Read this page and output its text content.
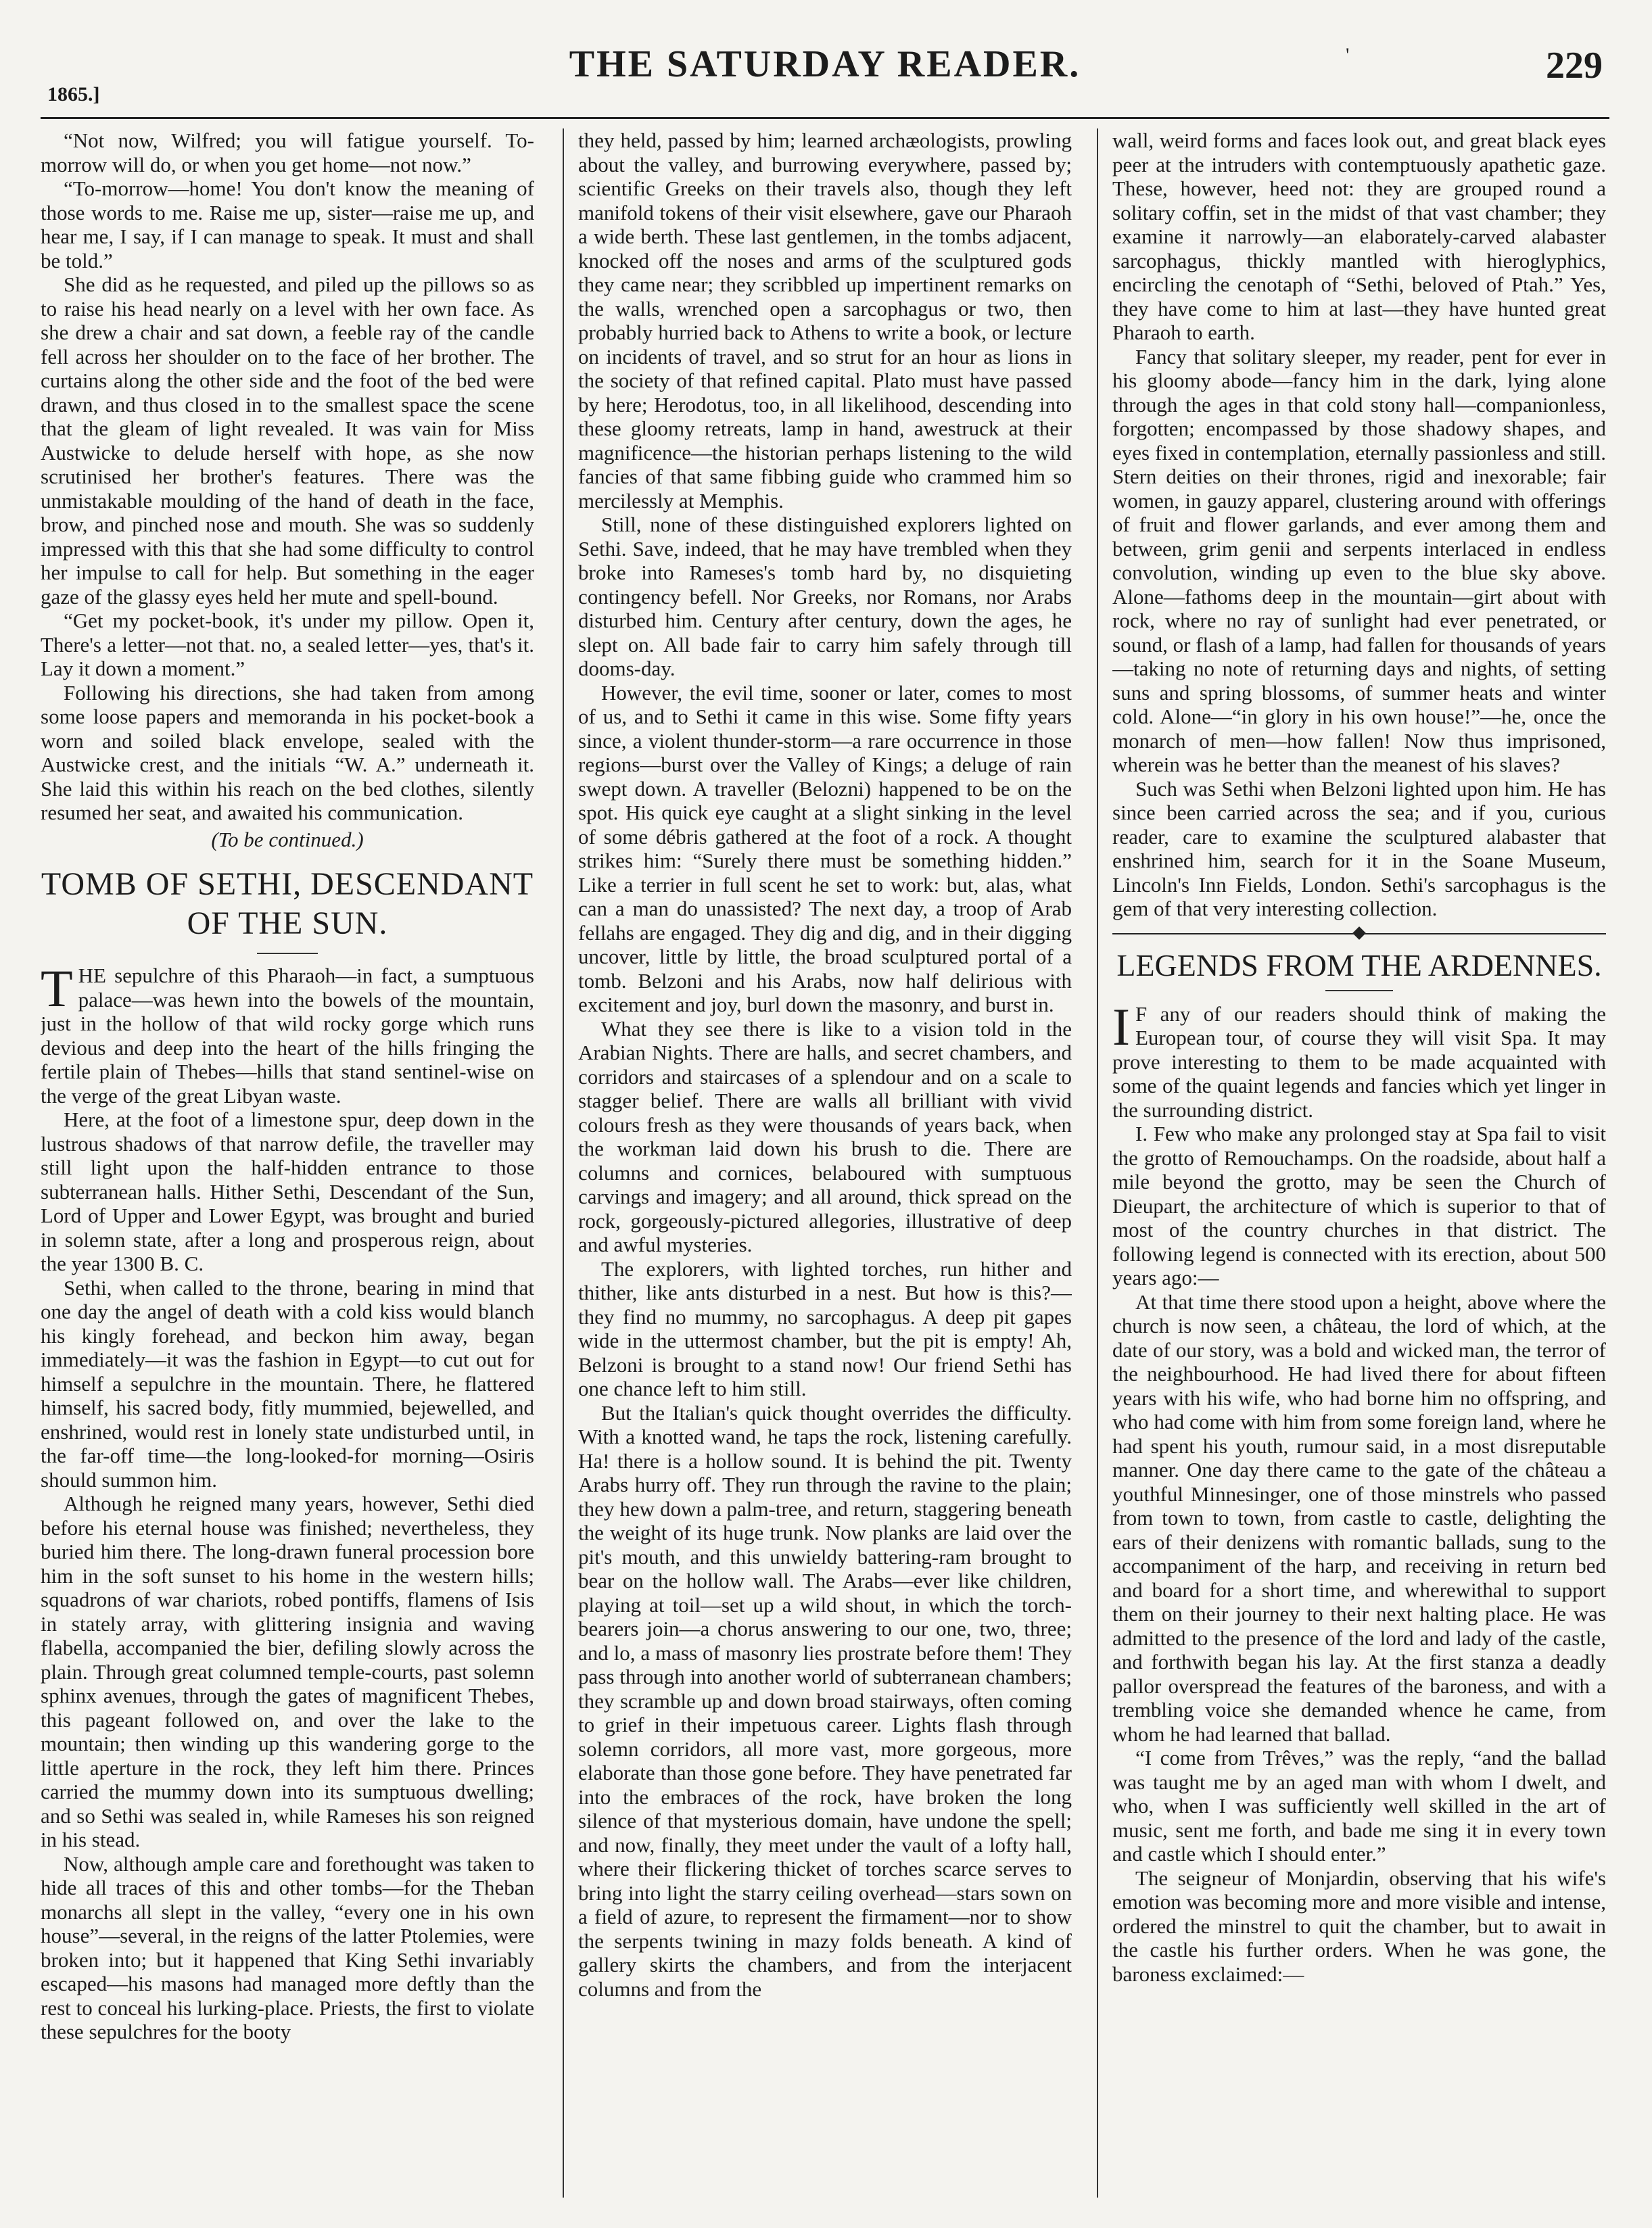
1865.]
THE SATURDAY READER.	'	229

“Not now, Wilfred; you will fatigue yourself. To-morrow will do, or when you get home—not now.”

“To-morrow—home! You don't know the meaning of those words to me. Raise me up, sister—raise me up, and hear me, I say, if I can manage to speak. It must and shall be told.”

She did as he requested, and piled up the pillows so as to raise his head nearly on a level with her own face. As she drew a chair and sat down, a feeble ray of the candle fell across her shoulder on to the face of her brother. The curtains along the other side and the foot of the bed were drawn, and thus closed in to the smallest space the scene that the gleam of light revealed. It was vain for Miss Austwicke to delude herself with hope, as she now scrutinised her brother's features. There was the unmistakable moulding of the hand of death in the face, brow, and pinched nose and mouth. She was so suddenly impressed with this that she had some difficulty to control her impulse to call for help. But something in the eager gaze of the glassy eyes held her mute and spell-bound.

“Get my pocket-book, it's under my pillow. Open it, There's a letter—not that. no, a sealed letter—yes, that's it. Lay it down a moment.”

Following his directions, she had taken from among some loose papers and memoranda in his pocket-book a worn and soiled black envelope, sealed with the Austwicke crest, and the initials “W. A.” underneath it. She laid this within his reach on the bed clothes, silently resumed her seat, and awaited his communication.

(To be continued.)
TOMB OF SETHI, DESCENDANT
OF THE SUN.

THE sepulchre of this Pharaoh—in fact, a sumptuous palace—was hewn into the bowels of the mountain, just in the hollow of that wild rocky gorge which runs devious and deep into the heart of the hills fringing the fertile plain of Thebes—hills that stand sentinel-wise on the verge of the great Libyan waste.

Here, at the foot of a limestone spur, deep down in the lustrous shadows of that narrow defile, the traveller may still light upon the half-hidden entrance to those subterranean halls. Hither Sethi, Descendant of the Sun, Lord of Upper and Lower Egypt, was brought and buried in solemn state, after a long and prosperous reign, about the year 1300 B. C.

Sethi, when called to the throne, bearing in mind that one day the angel of death with a cold kiss would blanch his kingly forehead, and beckon him away, began immediately—it was the fashion in Egypt—to cut out for himself a sepulchre in the mountain. There, he flattered himself, his sacred body, fitly mummied, bejewelled, and enshrined, would rest in lonely state undisturbed until, in the far-off time—the long-looked-for morning—Osiris should summon him.

Although he reigned many years, however, Sethi died before his eternal house was finished; nevertheless, they buried him there. The long-drawn funeral procession bore him in the soft sunset to his home in the western hills; squadrons of war chariots, robed pontiffs, flamens of Isis in stately array, with glittering insignia and waving flabella, accompanied the bier, defiling slowly across the plain. Through great columned temple-courts, past solemn sphinx avenues, through the gates of magnificent Thebes, this pageant followed on, and over the lake to the mountain; then winding up this wandering gorge to the little aperture in the rock, they left him there. Princes carried the mummy down into its sumptuous dwelling; and so Sethi was sealed in, while Rameses his son reigned in his stead.

Now, although ample care and forethought was taken to hide all traces of this and other tombs—for the Theban monarchs all slept in the valley, “every one in his own house”—several, in the reigns of the latter Ptolemies, were broken into; but it happened that King Sethi invariably escaped—his masons had managed more deftly than the rest to conceal his lurking-place. Priests, the first to violate these sepulchres for the booty

they held, passed by him; learned archæologists, prowling about the valley, and burrowing everywhere, passed by; scientific Greeks on their travels also, though they left manifold tokens of their visit elsewhere, gave our Pharaoh a wide berth. These last gentlemen, in the tombs adjacent, knocked off the noses and arms of the sculptured gods they came near; they scribbled up impertinent remarks on the walls, wrenched open a sarcophagus or two, then probably hurried back to Athens to write a book, or lecture on incidents of travel, and so strut for an hour as lions in the society of that refined capital. Plato must have passed by here; Herodotus, too, in all likelihood, descending into these gloomy retreats, lamp in hand, awestruck at their magnificence—the historian perhaps listening to the wild fancies of that same fibbing guide who crammed him so mercilessly at Memphis.

Still, none of these distinguished explorers lighted on Sethi. Save, indeed, that he may have trembled when they broke into Rameses's tomb hard by, no disquieting contingency befell. Nor Greeks, nor Romans, nor Arabs disturbed him. Century after century, down the ages, he slept on. All bade fair to carry him safely through till dooms-day.

However, the evil time, sooner or later, comes to most of us, and to Sethi it came in this wise. Some fifty years since, a violent thunder-storm—a rare occurrence in those regions—burst over the Valley of Kings; a deluge of rain swept down. A traveller (Belozni) happened to be on the spot. His quick eye caught at a slight sinking in the level of some débris gathered at the foot of a rock. A thought strikes him: “Surely there must be something hidden.” Like a terrier in full scent he set to work: but, alas, what can a man do unassisted? The next day, a troop of Arab fellahs are engaged. They dig and dig, and in their digging uncover, little by little, the broad sculptured portal of a tomb. Belzoni and his Arabs, now half delirious with excitement and joy, burl down the masonry, and burst in.

What they see there is like to a vision told in the Arabian Nights. There are halls, and secret chambers, and corridors and staircases of a splendour and on a scale to stagger belief. There are walls all brilliant with vivid colours fresh as they were thousands of years back, when the workman laid down his brush to die. There are columns and cornices, belaboured with sumptuous carvings and imagery; and all around, thick spread on the rock, gorgeously-pictured allegories, illustrative of deep and awful mysteries.

The explorers, with lighted torches, run hither and thither, like ants disturbed in a nest. But how is this?—they find no mummy, no sarcophagus. A deep pit gapes wide in the uttermost chamber, but the pit is empty! Ah, Belzoni is brought to a stand now! Our friend Sethi has one chance left to him still.

But the Italian's quick thought overrides the difficulty. With a knotted wand, he taps the rock, listening carefully. Ha! there is a hollow sound. It is behind the pit. Twenty Arabs hurry off. They run through the ravine to the plain; they hew down a palm-tree, and return, staggering beneath the weight of its huge trunk. Now planks are laid over the pit's mouth, and this unwieldy battering-ram brought to bear on the hollow wall. The Arabs—ever like children, playing at toil—set up a wild shout, in which the torch-bearers join—a chorus answering to our one, two, three; and lo, a mass of masonry lies prostrate before them! They pass through into another world of subterranean chambers; they scramble up and down broad stairways, often coming to grief in their impetuous career. Lights flash through solemn corridors, all more vast, more gorgeous, more elaborate than those gone before. They have penetrated far into the embraces of the rock, have broken the long silence of that mysterious domain, have undone the spell; and now, finally, they meet under the vault of a lofty hall, where their flickering thicket of torches scarce serves to bring into light the starry ceiling overhead—stars sown on a field of azure, to represent the firmament—nor to show the serpents twining in mazy folds beneath. A kind of gallery skirts the chambers, and from the interjacent columns and from the

wall, weird forms and faces look out, and great black eyes peer at the intruders with contemptuously apathetic gaze. These, however, heed not: they are grouped round a solitary coffin, set in the midst of that vast chamber; they examine it narrowly—an elaborately-carved alabaster sarcophagus, thickly mantled with hieroglyphics, encircling the cenotaph of “Sethi, beloved of Ptah.” Yes, they have come to him at last—they have hunted great Pharaoh to earth.

Fancy that solitary sleeper, my reader, pent for ever in his gloomy abode—fancy him in the dark, lying alone through the ages in that cold stony hall—companionless, forgotten; encompassed by those shadowy shapes, and eyes fixed in contemplation, eternally passionless and still. Stern deities on their thrones, rigid and inexorable; fair women, in gauzy apparel, clustering around with offerings of fruit and flower garlands, and ever among them and between, grim genii and serpents interlaced in endless convolution, winding up even to the blue sky above. Alone—fathoms deep in the mountain—girt about with rock, where no ray of sunlight had ever penetrated, or sound, or flash of a lamp, had fallen for thousands of years—taking no note of returning days and nights, of setting suns and spring blossoms, of summer heats and winter cold. Alone—“in glory in his own house!”—he, once the monarch of men—how fallen! Now thus imprisoned, wherein was he better than the meanest of his slaves?

Such was Sethi when Belzoni lighted upon him. He has since been carried across the sea; and if you, curious reader, care to examine the sculptured alabaster that enshrined him, search for it in the Soane Museum, Lincoln's Inn Fields, London. Sethi's sarcophagus is the gem of that very interesting collection.

LEGENDS FROM THE ARDENNES.

I F any of our readers should think of making the European tour, of course they will visit Spa. It may prove interesting to them to be made acquainted with some of the quaint legends and fancies which yet linger in the surrounding district.

I. Few who make any prolonged stay at Spa fail to visit the grotto of Remouchamps. On the roadside, about half a mile beyond the grotto, may be seen the Church of Dieupart, the architecture of which is superior to that of most of the country churches in that district. The following legend is connected with its erection, about 500 years ago:—

At that time there stood upon a height, above where the church is now seen, a château, the lord of which, at the date of our story, was a bold and wicked man, the terror of the neighbourhood. He had lived there for about fifteen years with his wife, who had borne him no offspring, and who had come with him from some foreign land, where he had spent his youth, rumour said, in a most disreputable manner. One day there came to the gate of the château a youthful Minnesinger, one of those minstrels who passed from town to town, from castle to castle, delighting the ears of their denizens with romantic ballads, sung to the accompaniment of the harp, and receiving in return bed and board for a short time, and wherewithal to support them on their journey to their next halting place. He was admitted to the presence of the lord and lady of the castle, and forthwith began his lay. At the first stanza a deadly pallor overspread the features of the baroness, and with a trembling voice she demanded whence he came, from whom he had learned that ballad.

“I come from Trêves,” was the reply, “and the ballad was taught me by an aged man with whom I dwelt, and who, when I was sufficiently well skilled in the art of music, sent me forth, and bade me sing it in every town and castle which I should enter.”

The seigneur of Monjardin, observing that his wife's emotion was becoming more and more visible and intense, ordered the minstrel to quit the chamber, but to await in the castle his further orders. When he was gone, the baroness exclaimed:—
